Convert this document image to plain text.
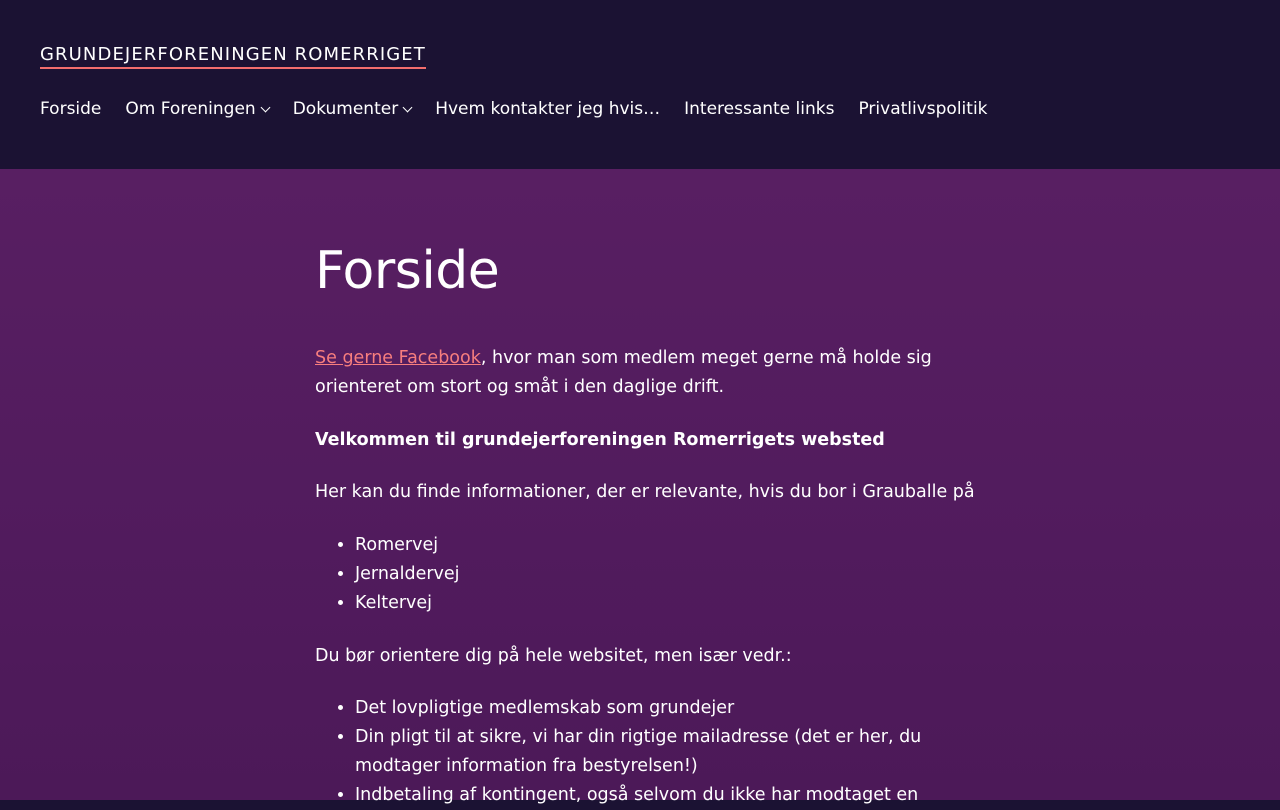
GRUNDEJERFORENINGEN ROMERRIGET
Forside Om Foreningen Dokumenter Hvem kontakter jeg hvis… Interessante links Privatlivspolitik
Forside

Se gerne Facebook, hvor man som medlem meget gerne må holde sig orienteret om stort og småt i den daglige drift.

Velkommen til grundejerforeningen Romerrigets websted

Her kan du finde informationer, der er relevante, hvis du bor i Grauballe på

• Romervej
• Jernaldervej
• Keltervej

Du bør orientere dig på hele websitet, men især vedr.:

• Det lovpligtige medlemskab som grundejer
• Din pligt til at sikre, vi har din rigtige mailadresse (det er her, du modtager information fra bestyrelsen!)
• Indbetaling af kontingent, også selvom du ikke har modtaget en
